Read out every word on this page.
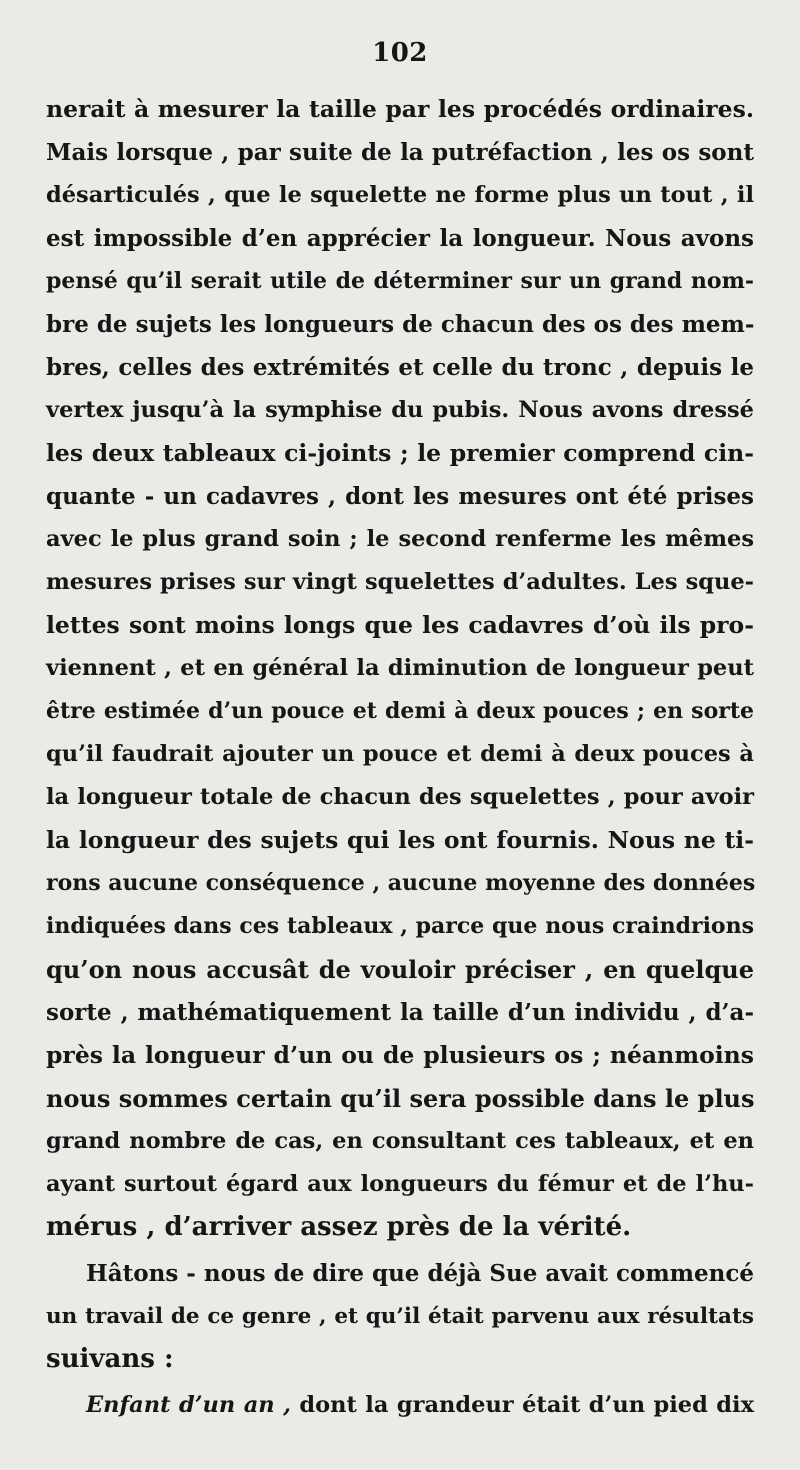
102
nerait à mesurer la taille par les procédés ordinaires.
Mais lorsque , par suite de la putréfaction , les os sont
désarticulés , que le squelette ne forme plus un tout , il
est impossible d’en apprécier la longueur. Nous avons
pensé qu’il serait utile de déterminer sur un grand nom-
bre de sujets les longueurs de chacun des os des mem-
bres, celles des extrémités et celle du tronc , depuis le
vertex jusqu’à la symphise du pubis. Nous avons dressé
les deux tableaux ci-joints ; le premier comprend cin-
quante - un cadavres , dont les mesures ont été prises
avec le plus grand soin ; le second renferme les mêmes
mesures prises sur vingt squelettes d’adultes. Les sque-
lettes sont moins longs que les cadavres d’où ils pro-
viennent , et en général la diminution de longueur peut
être estimée d’un pouce et demi à deux pouces ; en sorte
qu’il faudrait ajouter un pouce et demi à deux pouces à
la longueur totale de chacun des squelettes , pour avoir
la longueur des sujets qui les ont fournis. Nous ne ti-
rons aucune conséquence , aucune moyenne des données
indiquées dans ces tableaux , parce que nous craindrions
qu’on nous accusât de vouloir préciser , en quelque
sorte , mathématiquement la taille d’un individu , d’a-
près la longueur d’un ou de plusieurs os ; néanmoins
nous sommes certain qu’il sera possible dans le plus
grand nombre de cas, en consultant ces tableaux, et en
ayant surtout égard aux longueurs du fémur et de l’hu-
mérus , d’arriver assez près de la vérité.
Hâtons - nous de dire que déjà Sue avait commencé
un travail de ce genre , et qu’il était parvenu aux résultats
suivans :
Enfant d’un an , dont la grandeur était d’un pied dix
